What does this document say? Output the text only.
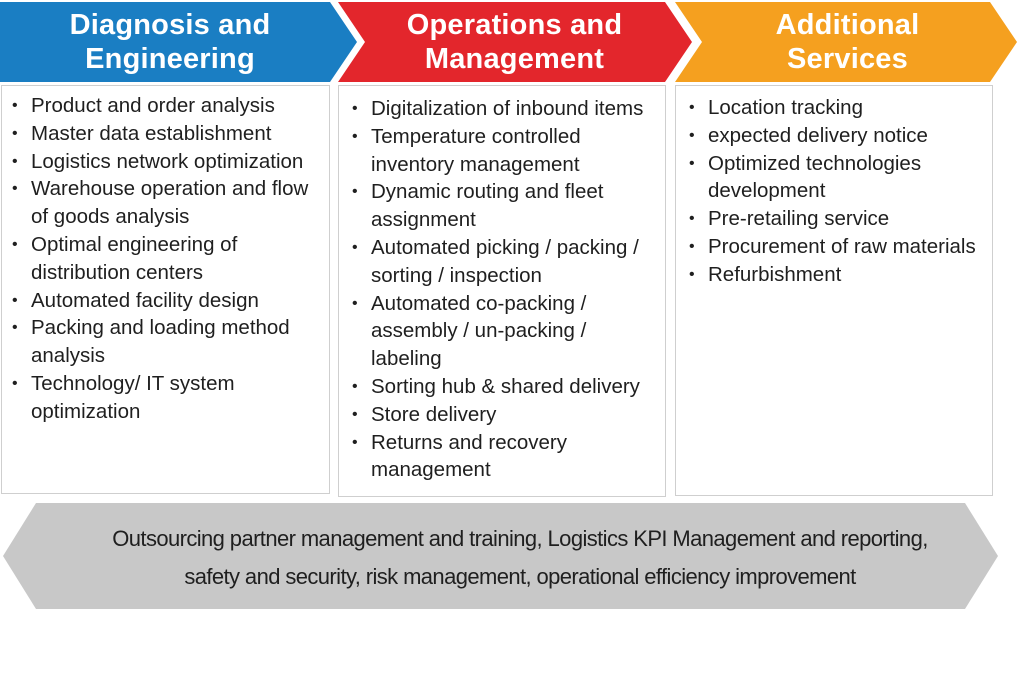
Diagnosis and
Engineering
Operations and
Management
Additional
Services
• Product and order analysis
• Master data establishment
• Logistics network optimization
• Warehouse operation and flow of goods analysis
• Optimal engineering of distribution centers
• Automated facility design
• Packing and loading method analysis
• Technology/ IT system optimization
• Digitalization of inbound items
• Temperature controlled inventory management
• Dynamic routing and fleet assignment
• Automated picking / packing / sorting / inspection
• Automated co-packing / assembly / un-packing / labeling
• Sorting hub & shared delivery
• Store delivery
• Returns and recovery management
• Location tracking
• expected delivery notice
• Optimized technologies development
• Pre-retailing service
• Procurement of raw materials
• Refurbishment
Outsourcing partner management and training, Logistics KPI Management and reporting,
safety and security, risk management, operational efficiency improvement
